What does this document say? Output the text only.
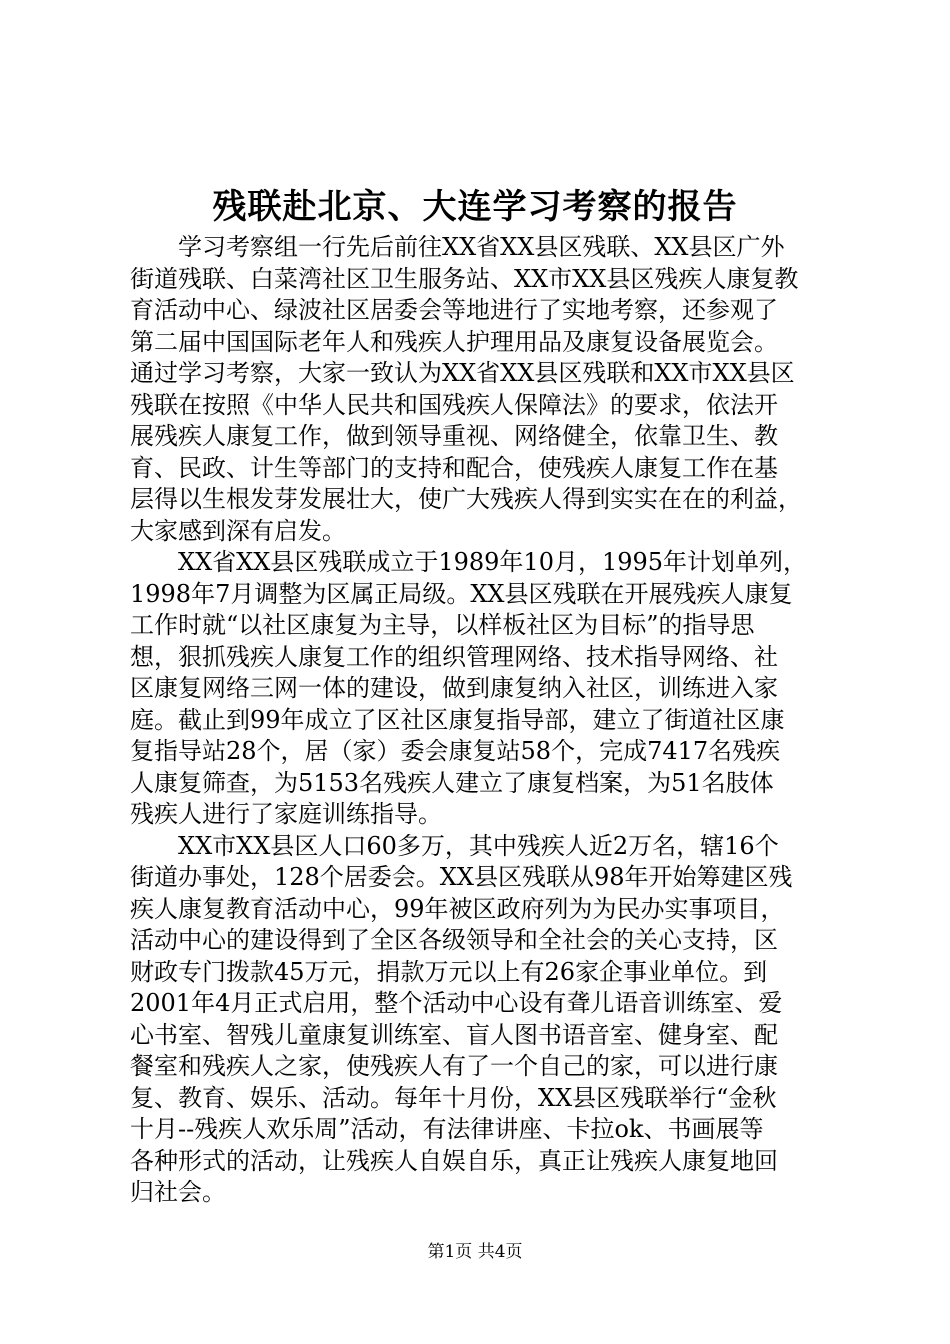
残联赴北京、大连学习考察的报告
学习考察组一行先后前往XX省XX县区残联、XX县区广外
街道残联、白菜湾社区卫生服务站、XX市XX县区残疾人康复教
育活动中心、绿波社区居委会等地进行了实地考察，还参观了
第二届中国国际老年人和残疾人护理用品及康复设备展览会。
通过学习考察，大家一致认为XX省XX县区残联和XX市XX县区
残联在按照《中华人民共和国残疾人保障法》的要求，依法开
展残疾人康复工作，做到领导重视、网络健全，依靠卫生、教
育、民政、计生等部门的支持和配合，使残疾人康复工作在基
层得以生根发芽发展壮大，使广大残疾人得到实实在在的利益，
大家感到深有启发。
XX省XX县区残联成立于1989年10月，1995年计划单列，
1998年7月调整为区属正局级。XX县区残联在开展残疾人康复
工作时就“以社区康复为主导，以样板社区为目标”的指导思
想，狠抓残疾人康复工作的组织管理网络、技术指导网络、社
区康复网络三网一体的建设，做到康复纳入社区，训练进入家
庭。截止到99年成立了区社区康复指导部，建立了街道社区康
复指导站28个，居（家）委会康复站58个，完成7417名残疾
人康复筛查，为5153名残疾人建立了康复档案，为51名肢体
残疾人进行了家庭训练指导。
XX市XX县区人口60多万，其中残疾人近2万名，辖16个
街道办事处，128个居委会。XX县区残联从98年开始筹建区残
疾人康复教育活动中心，99年被区政府列为为民办实事项目，
活动中心的建设得到了全区各级领导和全社会的关心支持，区
财政专门拨款45万元，捐款万元以上有26家企事业单位。到
2001年4月正式启用，整个活动中心设有聋儿语音训练室、爱
心书室、智残儿童康复训练室、盲人图书语音室、健身室、配
餐室和残疾人之家，使残疾人有了一个自己的家，可以进行康
复、教育、娱乐、活动。每年十月份，XX县区残联举行“金秋
十月--残疾人欢乐周”活动，有法律讲座、卡拉ok、书画展等
各种形式的活动，让残疾人自娱自乐，真正让残疾人康复地回
归社会。
第1页 共4页
